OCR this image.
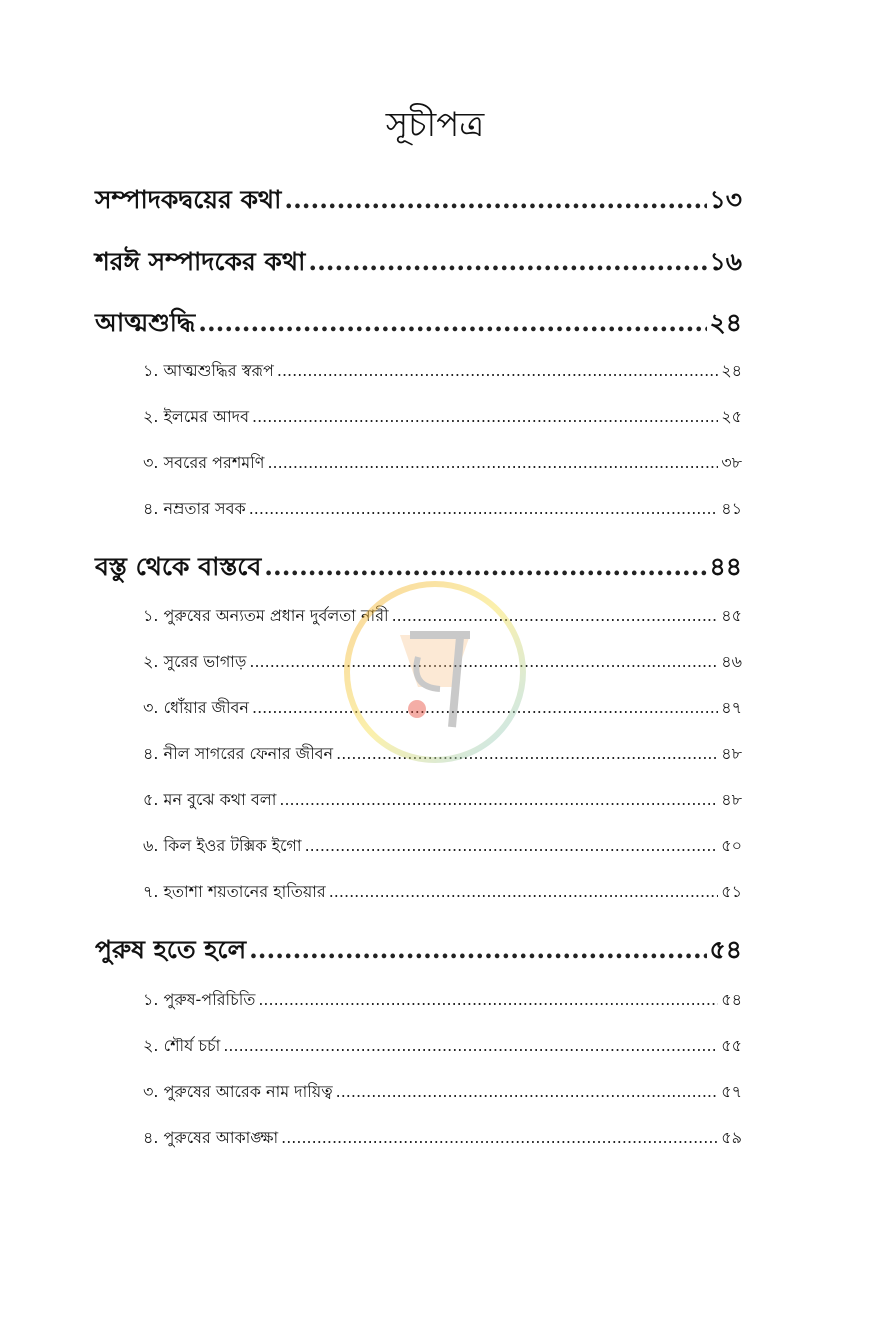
সূচীপত্র
সম্পাদকদ্বয়ের কথা .....	১৩
শরঈ সম্পাদকের কথা .....	১৬
আত্মশুদ্ধি .....	২৪
১. আত্মশুদ্ধির স্বরূপ .....	২৪
২. ইলমের আদব .....	২৫
৩. সবরের পরশমণি .....	৩৮
৪. নম্রতার সবক .....	৪১
বস্তু থেকে বাস্তবে .....	৪৪
১. পুরুষের অন্যতম প্রধান দুর্বলতা নারী .....	৪৫
২. সুরের ভাগাড় .....	৪৬
৩. ধোঁয়ার জীবন .....	৪৭
৪. নীল সাগরের ফেনার জীবন .....	৪৮
৫. মন বুঝে কথা বলা .....	৪৮
৬. কিল ইওর টক্সিক ইগো .....	৫০
৭. হতাশা শয়তানের হাতিয়ার .....	৫১
পুরুষ হতে হলে .....	৫৪
১. পুরুষ-পরিচিতি .....	৫৪
২. শৌর্য চর্চা .....	৫৫
৩. পুরুষের আরেক নাম দায়িত্ব .....	৫৭
৪. পুরুষের আকাঙ্ক্ষা .....	৫৯
